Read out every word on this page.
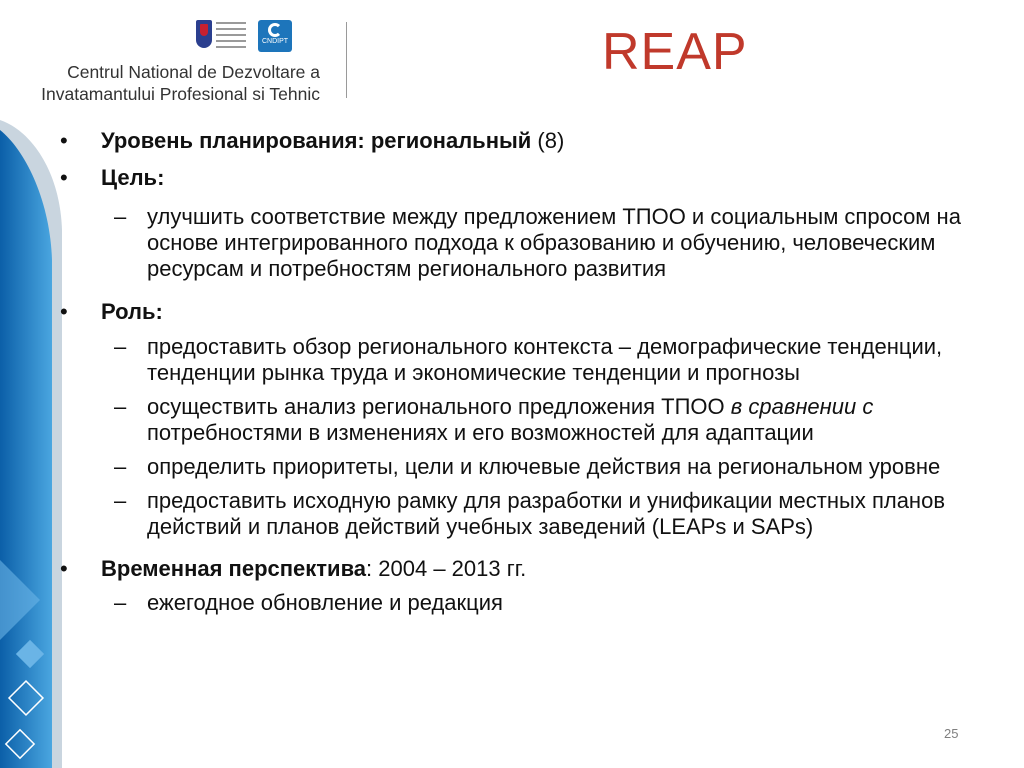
CNDIPT
Centrul National de Dezvoltare a
Invatamantului Profesional si Tehnic
REAP

•	Уровень планирования: региональный (8)

•	Цель:

– улучшить соответствие между предложением ТПОО и социальным спросом на основе интегрированного подхода к образованию и обучению, человеческим ресурсам и потребностям регионального развития

•	Роль:

– предоставить обзор регионального контекста – демографические тенденции, тенденции рынка труда и экономические тенденции и прогнозы

– осуществить анализ регионального предложения ТПОО в сравнении с потребностями в изменениях и его возможностей для адаптации

– определить приоритеты, цели и ключевые действия на региональном уровне

– предоставить исходную рамку для разработки и унификации местных планов действий и планов действий учебных заведений (LEAPs и SAPs)

•	Временная перспектива: 2004 – 2013 гг.

– ежегодное обновление и редакция

25
